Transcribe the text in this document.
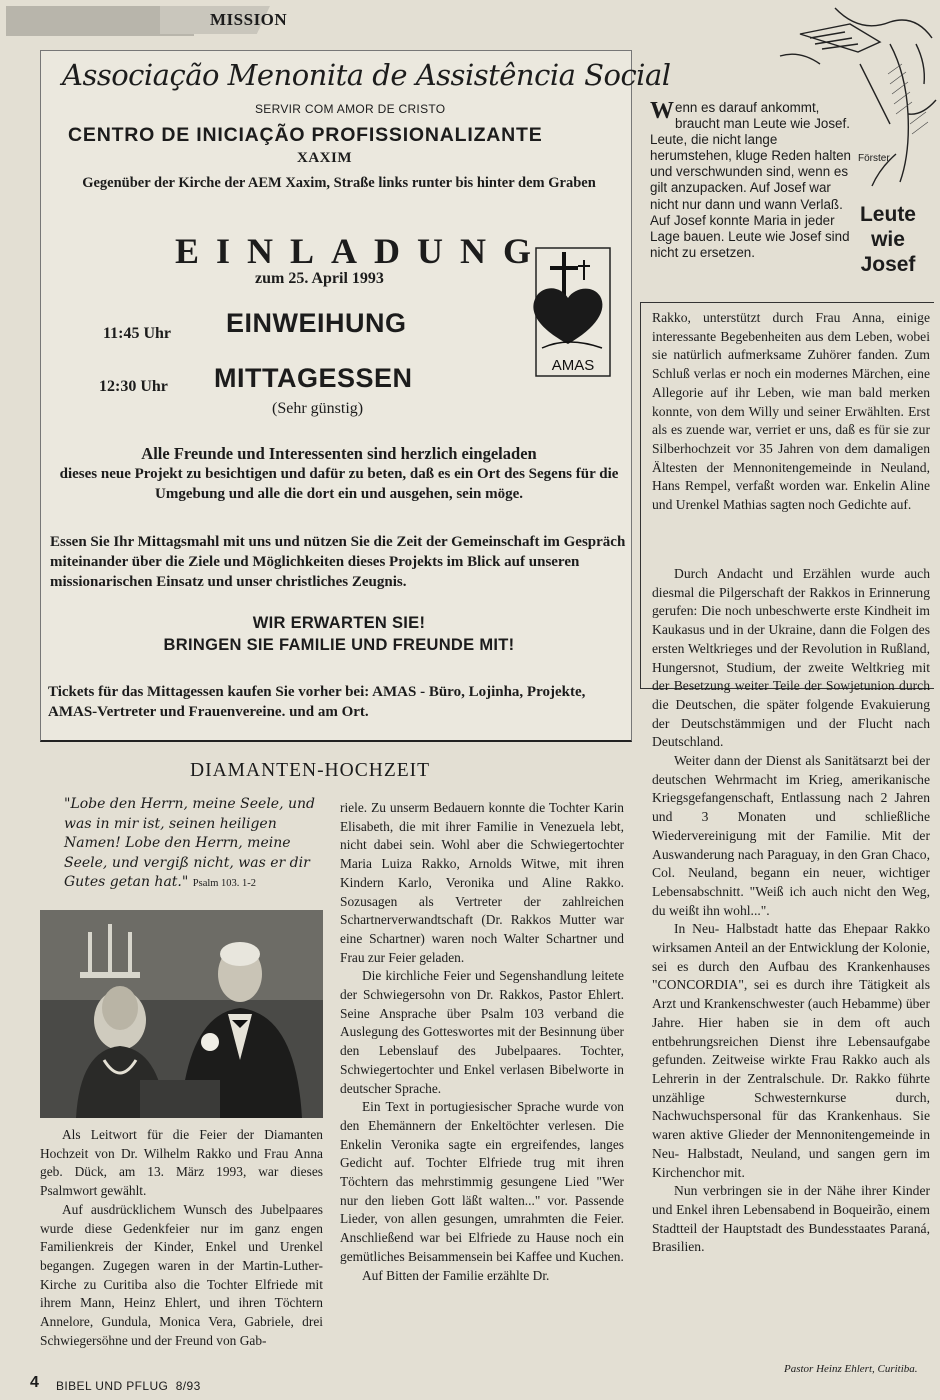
MISSION
Associação Menonita de Assistência Social
SERVIR COM AMOR DE CRISTO
CENTRO DE INICIAÇÃO PROFISSIONALIZANTE
XAXIM
Gegenüber der Kirche der AEM Xaxim, Straße links runter bis hinter dem Graben
EINLADUNG
zum 25. April 1993
AMAS
11:45 Uhr EINWEIHUNG
12:30 Uhr MITTAGESSEN
(Sehr günstig)
Alle Freunde und Interessenten sind herzlich eingeladen
dieses neue Projekt zu besichtigen und dafür zu beten, daß es ein Ort des Segens für die Umgebung und alle die dort ein und ausgehen, sein möge.
Essen Sie Ihr Mittagsmahl mit uns und nützen Sie die Zeit der Gemeinschaft im Gespräch miteinander über die Ziele und Möglichkeiten dieses Projekts im Blick auf unseren missionarischen Einsatz und unser christliches Zeugnis.
WIR ERWARTEN SIE!
BRINGEN SIE FAMILIE UND FREUNDE MIT!
Tickets für das Mittagessen kaufen Sie vorher bei: AMAS - Büro, Lojinha, Projekte, AMAS-Vertreter und Frauenvereine. und am Ort.
Wenn es darauf ankommt, braucht man Leute wie Josef. Leute, die nicht lange herumstehen, kluge Reden halten und verschwunden sind, wenn es gilt anzupacken. Auf Josef war nicht nur dann und wann Verlaß. Auf Josef konnte Maria in jeder Lage bauen. Leute wie Josef sind nicht zu ersetzen.
Förster
Leute
wie
Josef

Rakko, unterstützt durch Frau Anna, einige interessante Begebenheiten aus dem Leben, wobei sie natürlich aufmerksame Zuhörer fanden. Zum Schluß verlas er noch ein modernes Märchen, eine Allegorie auf ihr Leben, wie man bald merken konnte, von dem Willy und seiner Erwählten. Erst als es zuende war, verriet er uns, daß es für sie zur Silberhochzeit vor 35 Jahren von dem damaligen Ältesten der Mennonitengemeinde in Neuland, Hans Rempel, verfaßt worden war. Enkelin Aline und Urenkel Mathias sagten noch Gedichte auf.

Durch Andacht und Erzählen wurde auch diesmal die Pilgerschaft der Rakkos in Erinnerung gerufen: Die noch unbeschwerte erste Kindheit im Kaukasus und in der Ukraine, dann die Folgen des ersten Weltkrieges und der Revolution in Rußland, Hungersnot, Studium, der zweite Weltkrieg mit der Besetzung weiter Teile der Sowjetunion durch die Deutschen, die später folgende Evakuierung der Deutschstämmigen und der Flucht nach Deutschland.

Weiter dann der Dienst als Sanitätsarzt bei der deutschen Wehrmacht im Krieg, amerikanische Kriegsgefangenschaft, Entlassung nach 2 Jahren und 3 Monaten und schließliche Wiedervereinigung mit der Familie. Mit der Auswanderung nach Paraguay, in den Gran Chaco, Col. Neuland, begann ein neuer, wichtiger Lebensabschnitt. "Weiß ich auch nicht den Weg, du weißt ihn wohl...".

In Neu- Halbstadt hatte das Ehepaar Rakko wirksamen Anteil an der Entwicklung der Kolonie, sei es durch den Aufbau des Krankenhauses "CONCORDIA", sei es durch ihre Tätigkeit als Arzt und Krankenschwester (auch Hebamme) über Jahre. Hier haben sie in dem oft auch entbehrungsreichen Dienst ihre Lebensaufgabe gefunden. Zeitweise wirkte Frau Rakko auch als Lehrerin in der Zentralschule. Dr. Rakko führte unzählige Schwesternkurse durch, Nachwuchspersonal für das Krankenhaus. Sie waren aktive Glieder der Mennonitengemeinde in Neu- Halbstadt, Neuland, und sangen gern im Kirchenchor mit.

Nun verbringen sie in der Nähe ihrer Kinder und Enkel ihren Lebensabend in Boqueirão, einem Stadtteil der Hauptstadt des Bundesstaates Paraná, Brasilien.

DIAMANTEN-HOCHZEIT
"Lobe den Herrn, meine Seele, und was in mir ist, seinen heiligen Namen! Lobe den Herrn, meine Seele, und vergiß nicht, was er dir Gutes getan hat." Psalm 103. 1-2

Als Leitwort für die Feier der Diamanten Hochzeit von Dr. Wilhelm Rakko und Frau Anna geb. Dück, am 13. März 1993, war dieses Psalmwort gewählt.

Auf ausdrücklichem Wunsch des Jubelpaares wurde diese Gedenkfeier nur im ganz engen Familienkreis der Kinder, Enkel und Urenkel begangen. Zugegen waren in der Martin-Luther-Kirche zu Curitiba also die Tochter Elfriede mit ihrem Mann, Heinz Ehlert, und ihren Töchtern Annelore, Gundula, Monica Vera, Gabriele, drei Schwiegersöhne und der Freund von Gab-

riele. Zu unserm Bedauern konnte die Tochter Karin Elisabeth, die mit ihrer Familie in Venezuela lebt, nicht dabei sein. Wohl aber die Schwiegertochter Maria Luiza Rakko, Arnolds Witwe, mit ihren Kindern Karlo, Veronika und Aline Rakko. Sozusagen als Vertreter der zahlreichen Schartnerverwandtschaft (Dr. Rakkos Mutter war eine Schartner) waren noch Walter Schartner und Frau zur Feier geladen.

Die kirchliche Feier und Segenshandlung leitete der Schwiegersohn von Dr. Rakkos, Pastor Ehlert. Seine Ansprache über Psalm 103 verband die Auslegung des Gotteswortes mit der Besinnung über den Lebenslauf des Jubelpaares. Tochter, Schwiegertochter und Enkel verlasen Bibelworte in deutscher Sprache.

Ein Text in portugiesischer Sprache wurde von den Ehemännern der Enkeltöchter verlesen. Die Enkelin Veronika sagte ein ergreifendes, langes Gedicht auf. Tochter Elfriede trug mit ihren Töchtern das mehrstimmig gesungene Lied "Wer nur den lieben Gott läßt walten..." vor. Passende Lieder, von allen gesungen, umrahmten die Feier. Anschließend war bei Elfriede zu Hause noch ein gemütliches Beisammensein bei Kaffee und Kuchen.

Auf Bitten der Familie erzählte Dr.

Pastor Heinz Ehlert, Curitiba.
4 BIBEL UND PFLUG 8/93
